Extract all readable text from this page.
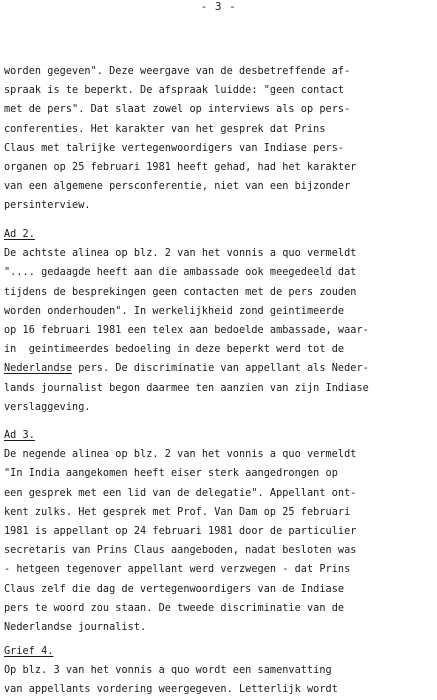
- 3 -
worden gegeven". Deze weergave van de desbetreffende af-
spraak is te beperkt. De afspraak luidde: "geen contact
met de pers". Dat slaat zowel op interviews als op pers-
conferenties. Het karakter van het gesprek dat Prins
Claus met talrijke vertegenwoordigers van Indiase pers-
organen op 25 februari 1981 heeft gehad, had het karakter
van een algemene persconferentie, niet van een bijzonder
persinterview.
Ad 2.
De achtste alinea op blz. 2 van het vonnis a quo vermeldt
".... gedaagde heeft aan die ambassade ook meegedeeld dat
tijdens de besprekingen geen contacten met de pers zouden
worden onderhouden". In werkelijkheid zond geintimeerde
op 16 februari 1981 een telex aan bedoelde ambassade, waar-
in  geintimeerdes bedoeling in deze beperkt werd tot de
Nederlandse pers. De discriminatie van appellant als Neder-
lands journalist begon daarmee ten aanzien van zijn Indiase
verslaggeving.
Ad 3.
De negende alinea op blz. 2 van het vonnis a quo vermeldt
"In India aangekomen heeft eiser sterk aangedrongen op
een gesprek met een lid van de delegatie". Appellant ont-
kent zulks. Het gesprek met Prof. Van Dam op 25 februari
1981 is appellant op 24 februari 1981 door de particulier
secretaris van Prins Claus aangeboden, nadat besloten was
- hetgeen tegenover appellant werd verzwegen - dat Prins
Claus zelf die dag de vertegenwoordigers van de Indiase
pers te woord zou staan. De tweede discriminatie van de
Nederlandse journalist.
Grief 4.
Op blz. 3 van het vonnis a quo wordt een samenvatting
van appellants vordering weergegeven. Letterlijk wordt
